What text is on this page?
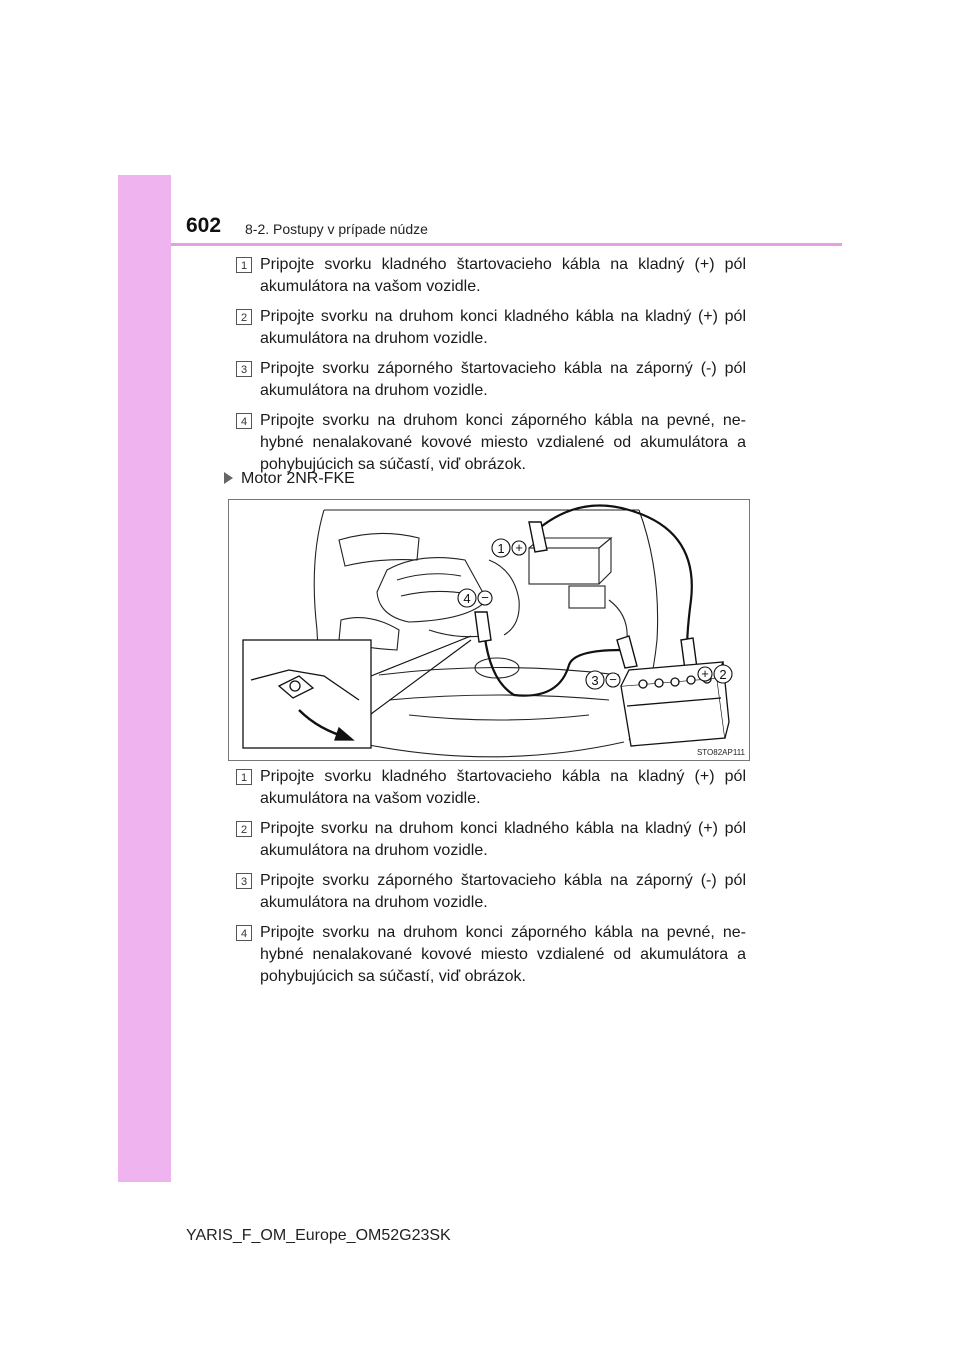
602 8-2. Postupy v prípade núdze
1 Pripojte svorku kladného štartovacieho kábla na kladný (+) pól akumulátora na vašom vozidle.

2 Pripojte svorku na druhom konci kladného kábla na kladný (+) pól akumulátora na druhom vozidle.

3 Pripojte svorku záporného štartovacieho kábla na záporný (-) pól akumulátora na druhom vozidle.

4 Pripojte svorku na druhom konci záporného kábla na pevné, ne-hybné nenalakované kovové miesto vzdialené od akumulátora a pohybujúcich sa súčastí, viď obrázok.

Motor 2NR-FKE
1
4
3	2
+
−
−	+
STO82AP111
1 Pripojte svorku kladného štartovacieho kábla na kladný (+) pól akumulátora na vašom vozidle.

2 Pripojte svorku na druhom konci kladného kábla na kladný (+) pól akumulátora na druhom vozidle.

3 Pripojte svorku záporného štartovacieho kábla na záporný (-) pól akumulátora na druhom vozidle.

4 Pripojte svorku na druhom konci záporného kábla na pevné, ne-hybné nenalakované kovové miesto vzdialené od akumulátora a pohybujúcich sa súčastí, viď obrázok.

YARIS_F_OM_Europe_OM52G23SK
